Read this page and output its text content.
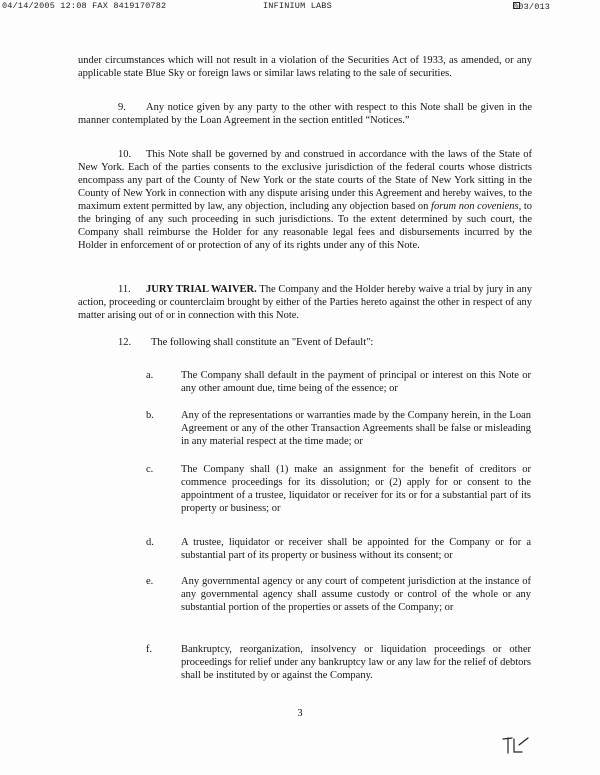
04/14/2005 12:08 FAX 8419170782	INFINIUM LABS	003/013
under circumstances which will not result in a violation of the Securities Act of 1933, as amended, or any applicable state Blue Sky or foreign laws or similar laws relating to the sale of securities.
9. Any notice given by any party to the other with respect to this Note shall be given in the manner contemplated by the Loan Agreement in the section entitled “Notices.”
10. This Note shall be governed by and construed in accordance with the laws of the State of New York. Each of the parties consents to the exclusive jurisdiction of the federal courts whose districts encompass any part of the County of New York or the state courts of the State of New York sitting in the County of New York in connection with any dispute arising under this Agreement and hereby waives, to the maximum extent permitted by law, any objection, including any objection based on forum non coveniens, to the bringing of any such proceeding in such jurisdictions. To the extent determined by such court, the Company shall reimburse the Holder for any reasonable legal fees and disbursements incurred by the Holder in enforcement of or protection of any of its rights under any of this Note.
11. JURY TRIAL WAIVER. The Company and the Holder hereby waive a trial by jury in any action, proceeding or counterclaim brought by either of the Parties hereto against the other in respect of any matter arising out of or in connection with this Note.
12. The following shall constitute an "Event of Default":
a.	The Company shall default in the payment of principal or interest on this Note or any other amount due, time being of the essence; or
b.	Any of the representations or warranties made by the Company herein, in the Loan Agreement or any of the other Transaction Agreements shall be false or misleading in any material respect at the time made; or
c.	The Company shall (1) make an assignment for the benefit of creditors or commence proceedings for its dissolution; or (2) apply for or consent to the appointment of a trustee, liquidator or receiver for its or for a substantial part of its property or business; or
d.	A trustee, liquidator or receiver shall be appointed for the Company or for a substantial part of its property or business without its consent; or
e.	Any governmental agency or any court of competent jurisdiction at the instance of any governmental agency shall assume custody or control of the whole or any substantial portion of the properties or assets of the Company; or
f.	Bankruptcy, reorganization, insolvency or liquidation proceedings or other proceedings for relief under any bankruptcy law or any law for the relief of debtors shall be instituted by or against the Company.
3
